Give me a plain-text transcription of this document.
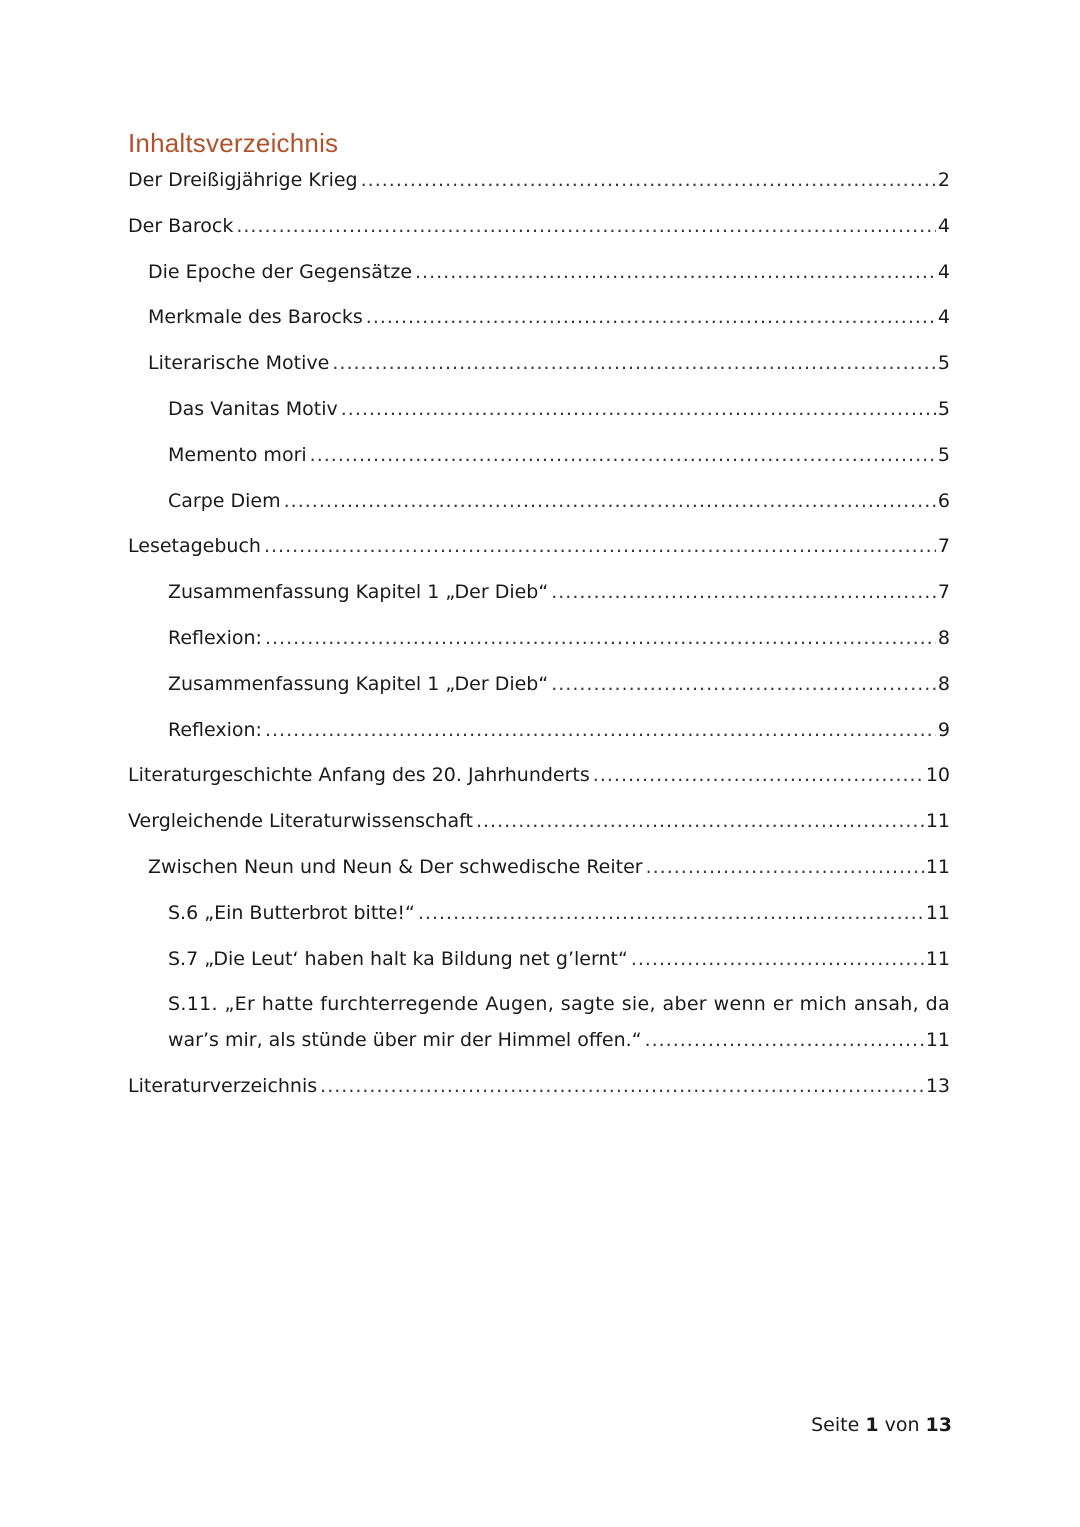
Inhaltsverzeichnis
Der Dreißigjährige Krieg .....	2
Der Barock .....	4
Die Epoche der Gegensätze .....	4
Merkmale des Barocks .....	4
Literarische Motive .....	5
Das Vanitas Motiv .....	5
Memento mori .....	5
Carpe Diem .....	6
Lesetagebuch .....	7
Zusammenfassung Kapitel 1 „Der Dieb“ .....	7
Reflexion: .....	8
Zusammenfassung Kapitel 1 „Der Dieb“ .....	8
Reflexion: .....	9
Literaturgeschichte Anfang des 20. Jahrhunderts .....	10
Vergleichende Literaturwissenschaft .....	11
Zwischen Neun und Neun & Der schwedische Reiter .....	11
S.6 „Ein Butterbrot bitte!“ .....	11
S.7 „Die Leut‘ haben halt ka Bildung net g’lernt“ .....	11
S.11. „Er hatte furchterregende Augen, sagte sie, aber wenn er mich ansah, da
war’s mir, als stünde über mir der Himmel offen.“ .....	11
Literaturverzeichnis .....	13
Seite 1 von 13
